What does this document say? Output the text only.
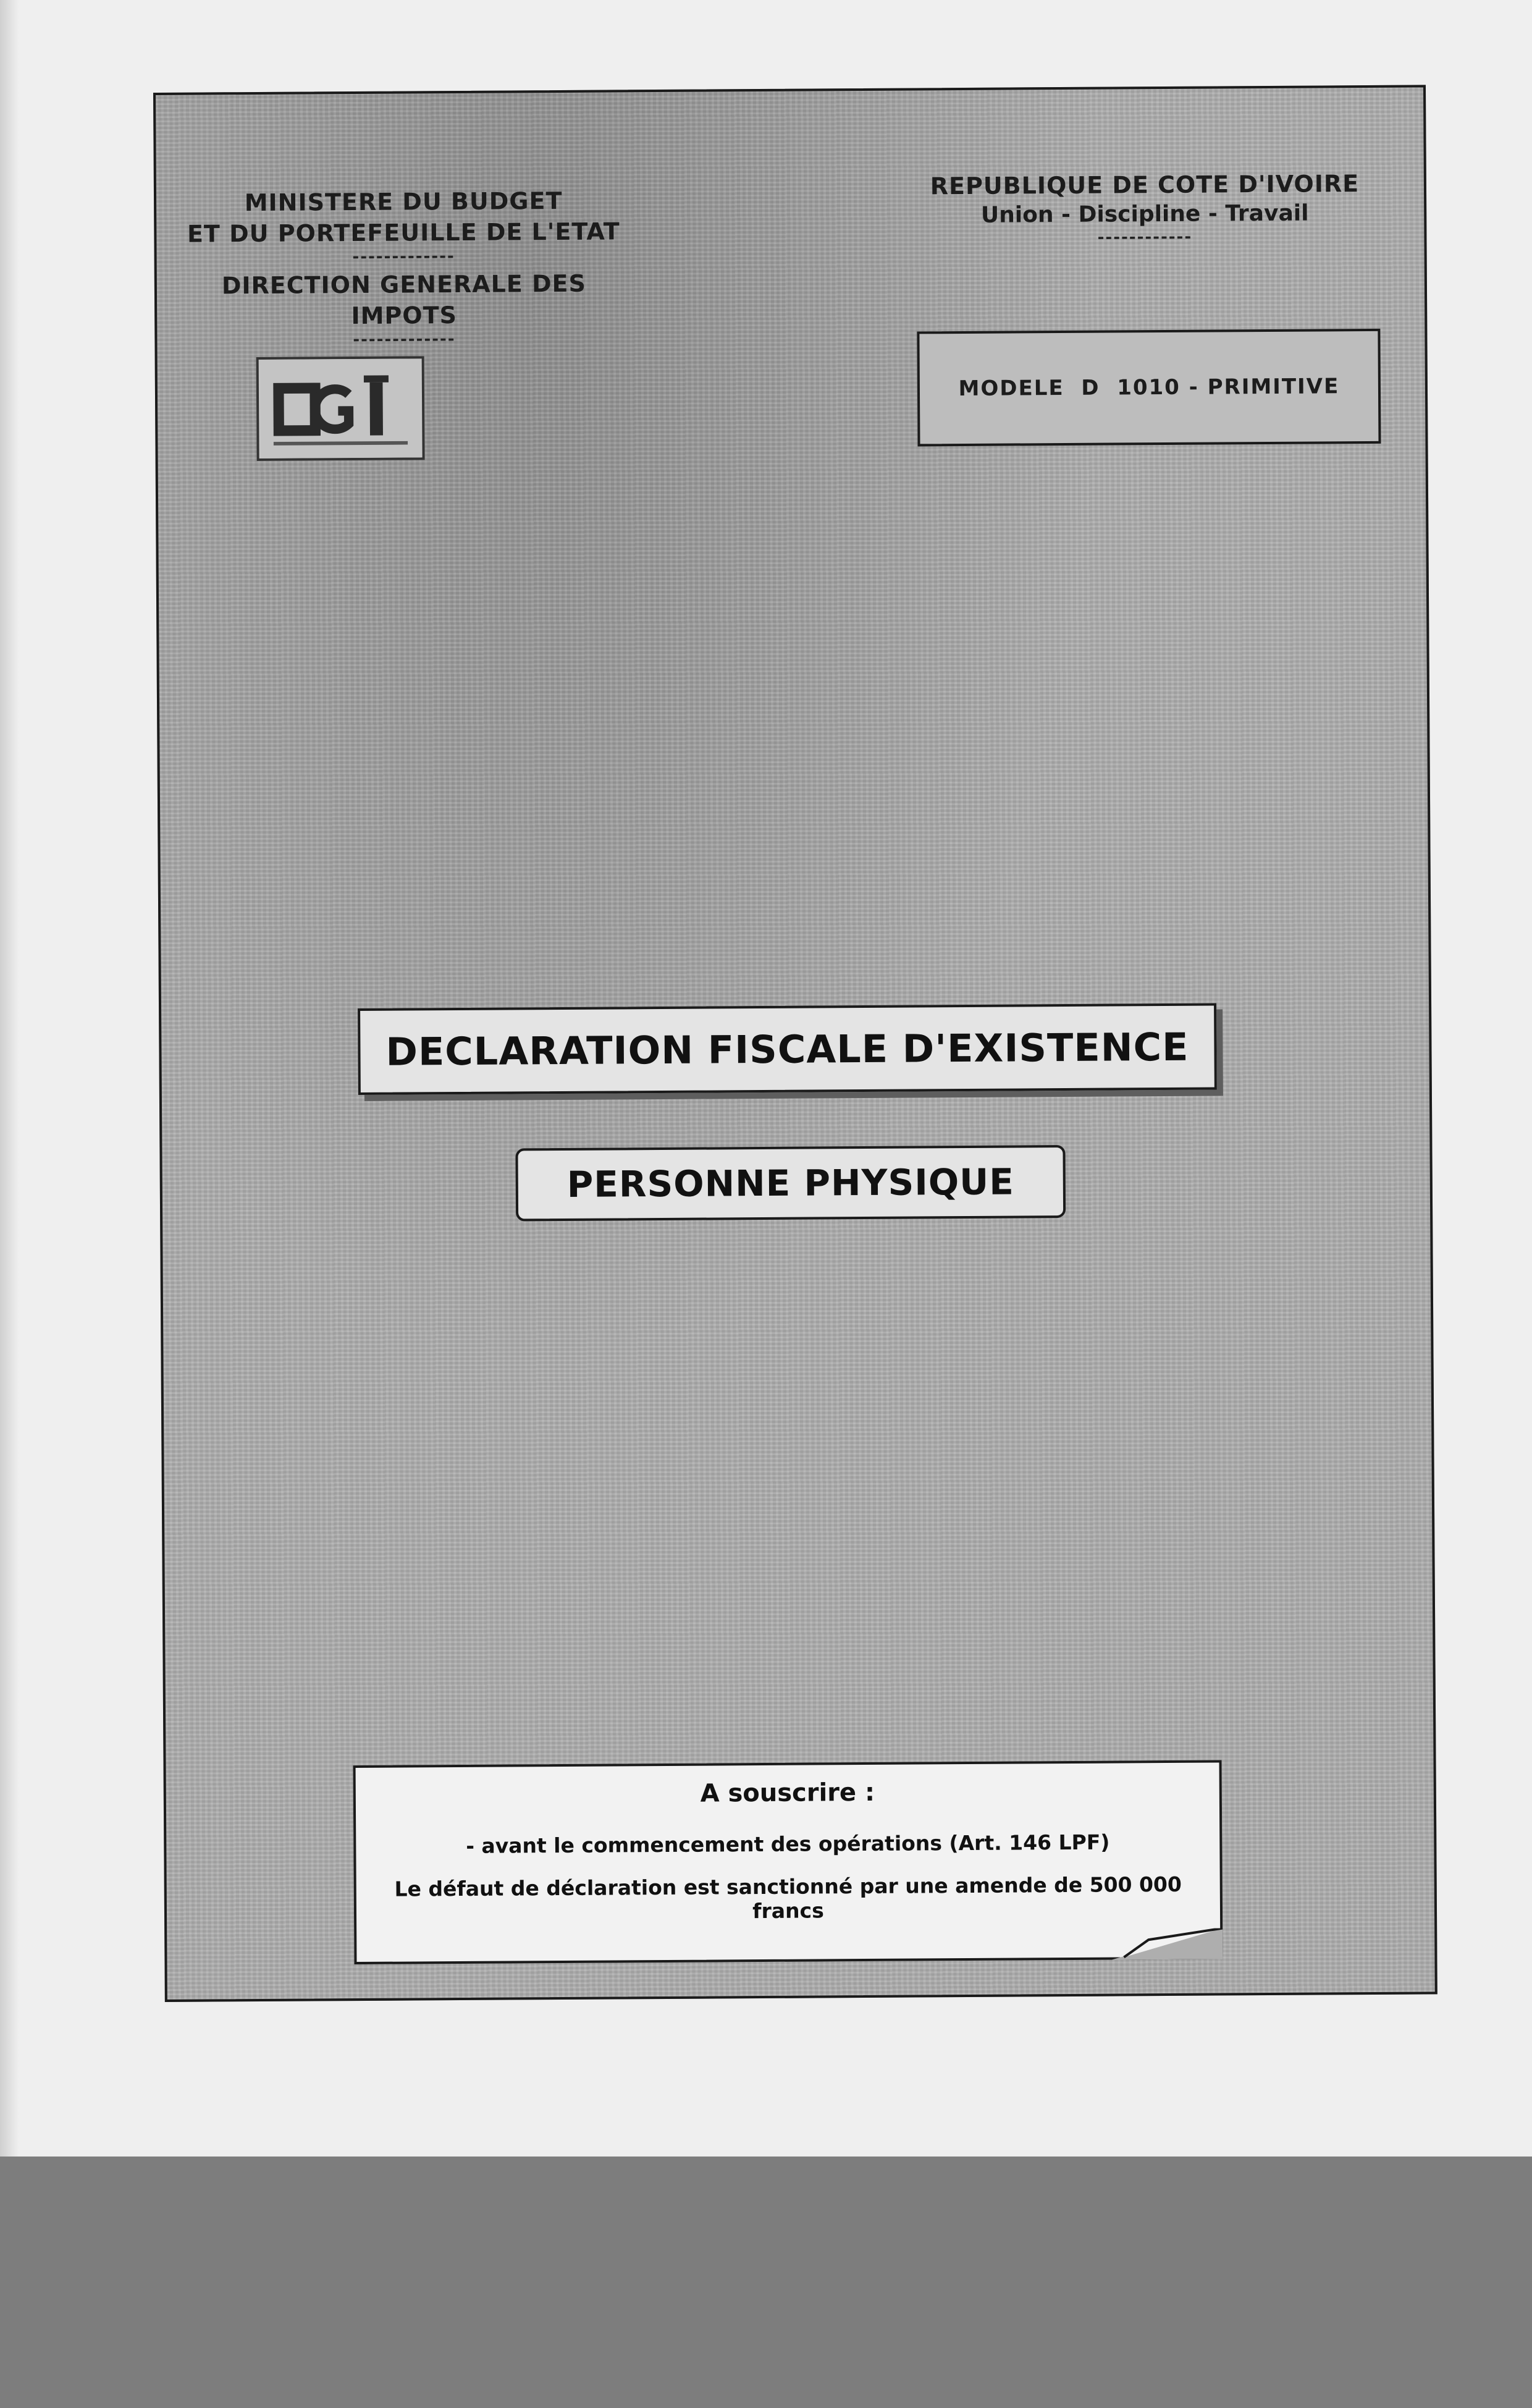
MINISTERE DU BUDGET
ET DU PORTEFEUILLE DE L'ETAT
-------------
DIRECTION GENERALE DES IMPOTS
-------------
REPUBLIQUE DE COTE D'IVOIRE
Union - Discipline - Travail
------------
MODELE  D  1010 - PRIMITIVE
DECLARATION FISCALE D'EXISTENCE
PERSONNE PHYSIQUE
A souscrire :
- avant le commencement des opérations (Art. 146 LPF)
Le défaut de déclaration est sanctionné par une amende de 500 000 francs
